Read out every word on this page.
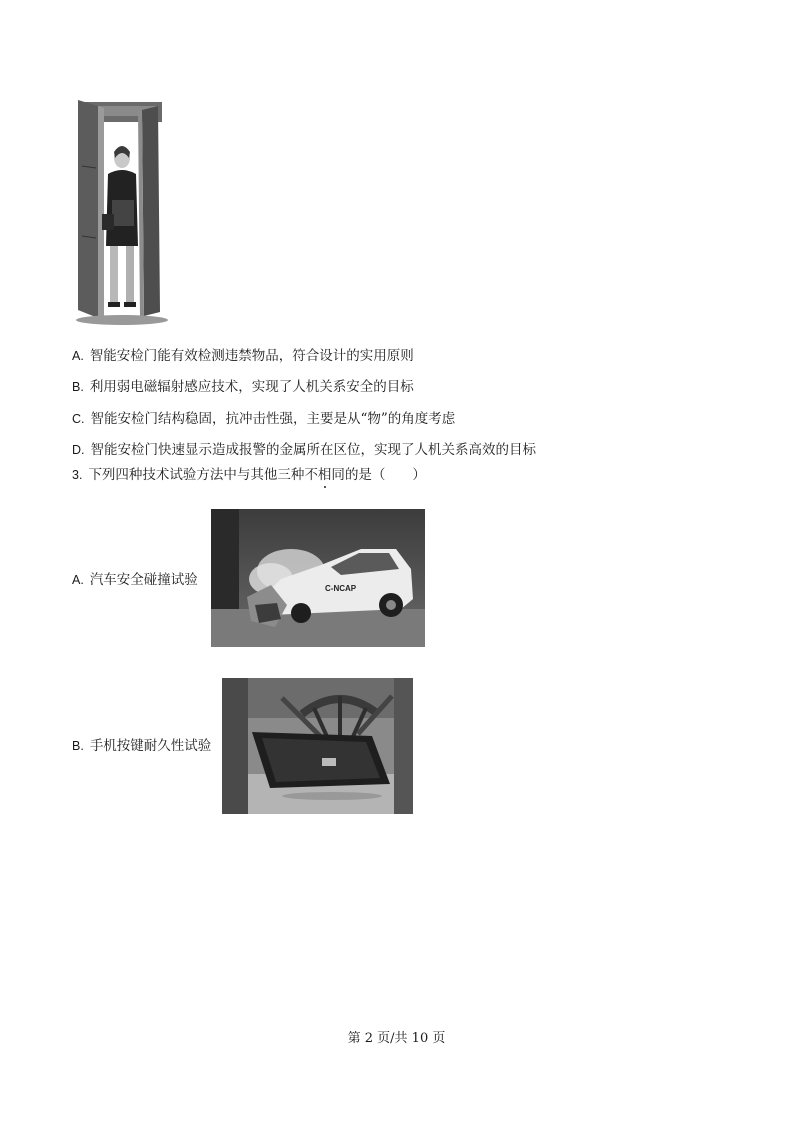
A. 智能安检门能有效检测违禁物品，符合设计的实用原则
B. 利用弱电磁辐射感应技术，实现了人机关系安全的目标
C. 智能安检门结构稳固，抗冲击性强，主要是从“物”的角度考虑
D. 智能安检门快速显示造成报警的金属所在区位，实现了人机关系高效的目标
3. 下列四种技术试验方法中与其他三种不相同的是（　　）
A. 汽车安全碰撞试验
C-NCAP
B. 手机按键耐久性试验
第 2 页/共 10 页
